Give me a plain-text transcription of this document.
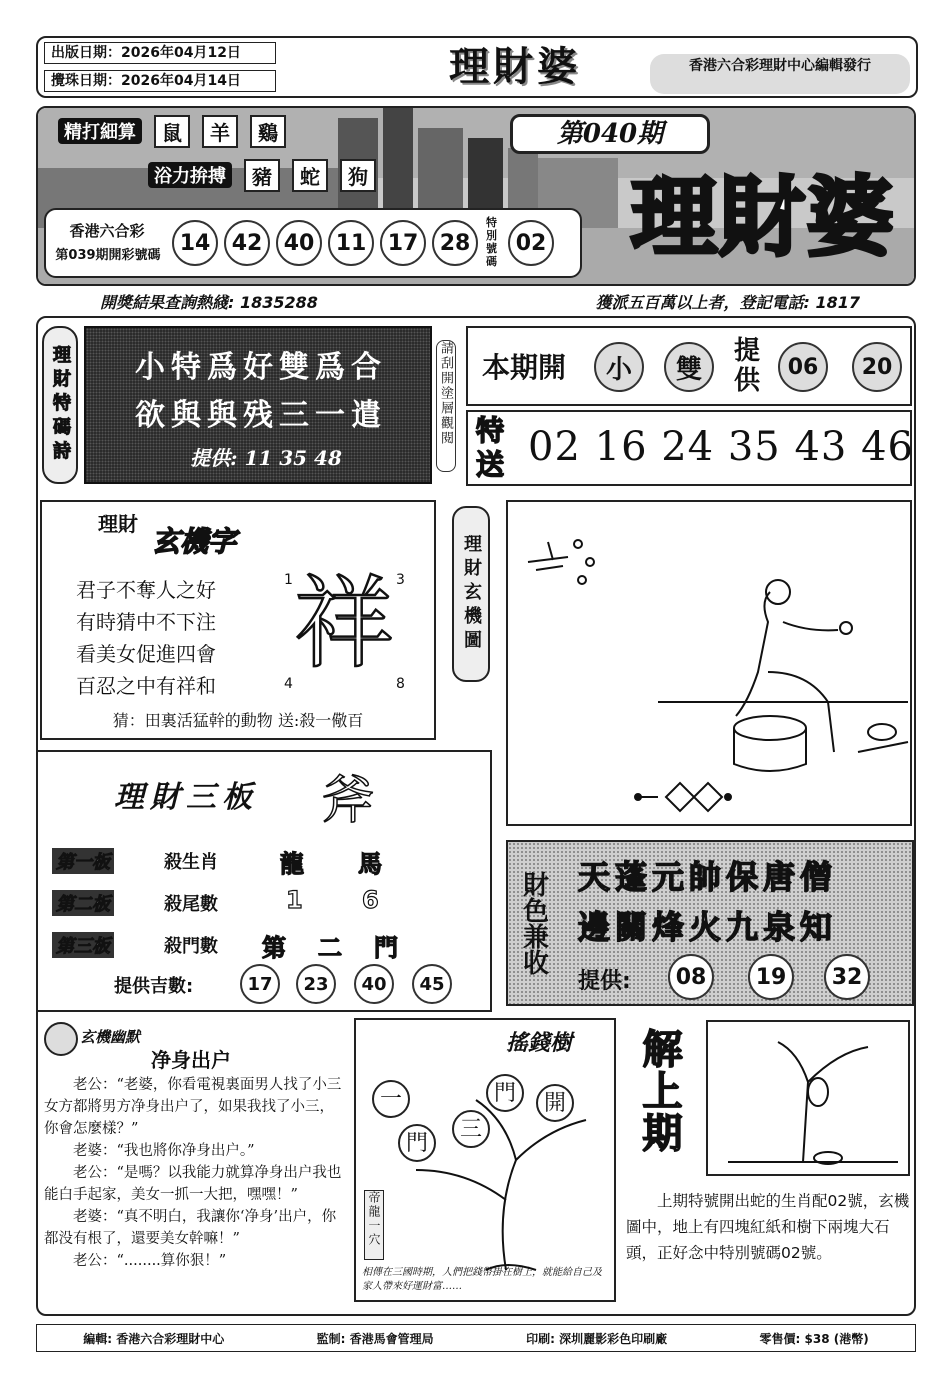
出版日期：2026年04月12日
攪珠日期：2026年04月14日	理財婆	香港六合彩理財中心編輯發行
精打細算	鼠	羊	鷄
浴力拚搏	豬	蛇	狗
第040期
理財婆
香港六合彩
第039期開彩號碼 14 42 40 11 17 28
特別號碼
02
開獎結果查詢熱綫: 1835288	獲派五百萬以上者，登記電話: 1817
理財特碼詩	小特爲好雙爲合
欲與與残三一遣
提供: 11 35 48
請刮開塗層觀閱 本期開	小	雙
提供	06	20
特送 02 16 24 35 43 46
理財
玄機字
君子不奪人之好
有時猜中不下注
看美女促進四會
百忍之中有祥和
1	3
4	8
祥
猜：田裏活猛幹的動物 送:殺一儆百
理財玄機圖
理財三板 斧
第一板	殺生肖	龍 馬
第二板	殺尾數	1 6
第三板	殺門數 第 二 門
提供吉數:	17	23	40	45
財色兼收 天蓬元帥保唐僧
邊關烽火九泉知
提供:	08	19	32
玄機幽默
净身出户

老公：“老婆，你看電視裏面男人找了小三女方都將男方净身出户了，如果我找了小三，你會怎麼樣？”

老婆：“我也將你净身出户。”

老公：“是嗎？以我能力就算净身出户我也能白手起家，美女一抓一大把，嘿嘿！”

老婆：“真不明白，我讓你‘净身’出户，你都没有根了，還要美女幹嘛！”

老公：“........算你狠！”

搖錢樹
一
門
三
門	開
帝龍一穴
相傳在三國時期，人們把錢幣掛在樹上，就能給自己及家人帶來好運財富……
解上期
上期特號開出蛇的生肖配02號，玄機圖中，地上有四塊紅紙和樹下兩塊大石頭，正好念中特別號碼02號。
編輯: 香港六合彩理財中心	監制: 香港馬會管理局	印刷: 深圳麗影彩色印刷廠	零售價: $38 (港幣)
